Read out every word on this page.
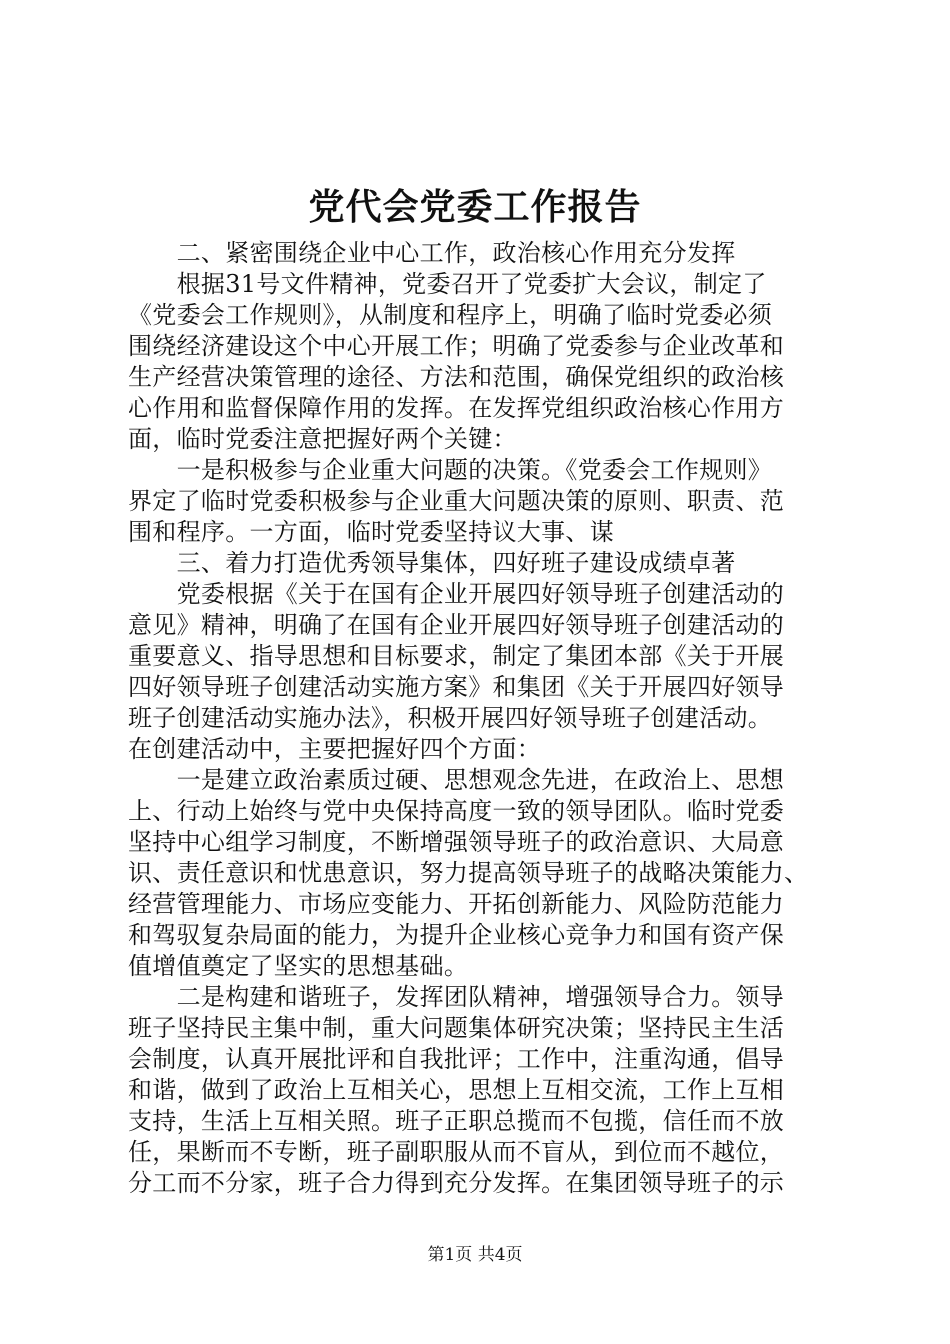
党代会党委工作报告
　　二、紧密围绕企业中心工作，政治核心作用充分发挥
　　根据31号文件精神，党委召开了党委扩大会议，制定了
《党委会工作规则》，从制度和程序上，明确了临时党委必须
围绕经济建设这个中心开展工作；明确了党委参与企业改革和
生产经营决策管理的途径、方法和范围，确保党组织的政治核
心作用和监督保障作用的发挥。在发挥党组织政治核心作用方
面，临时党委注意把握好两个关键：
　　一是积极参与企业重大问题的决策。《党委会工作规则》
界定了临时党委积极参与企业重大问题决策的原则、职责、范
围和程序。一方面，临时党委坚持议大事、谋
　　三、着力打造优秀领导集体，四好班子建设成绩卓著
　　党委根据《关于在国有企业开展四好领导班子创建活动的
意见》精神，明确了在国有企业开展四好领导班子创建活动的
重要意义、指导思想和目标要求，制定了集团本部《关于开展
四好领导班子创建活动实施方案》和集团《关于开展四好领导
班子创建活动实施办法》，积极开展四好领导班子创建活动。
在创建活动中，主要把握好四个方面：
　　一是建立政治素质过硬、思想观念先进，在政治上、思想
上、行动上始终与党中央保持高度一致的领导团队。临时党委
坚持中心组学习制度，不断增强领导班子的政治意识、大局意
识、责任意识和忧患意识，努力提高领导班子的战略决策能力、
经营管理能力、市场应变能力、开拓创新能力、风险防范能力
和驾驭复杂局面的能力，为提升企业核心竞争力和国有资产保
值增值奠定了坚实的思想基础。
　　二是构建和谐班子，发挥团队精神，增强领导合力。领导
班子坚持民主集中制，重大问题集体研究决策；坚持民主生活
会制度，认真开展批评和自我批评；工作中，注重沟通，倡导
和谐，做到了政治上互相关心，思想上互相交流，工作上互相
支持，生活上互相关照。班子正职总揽而不包揽，信任而不放
任，果断而不专断，班子副职服从而不盲从，到位而不越位，
分工而不分家，班子合力得到充分发挥。在集团领导班子的示
第1页 共4页
